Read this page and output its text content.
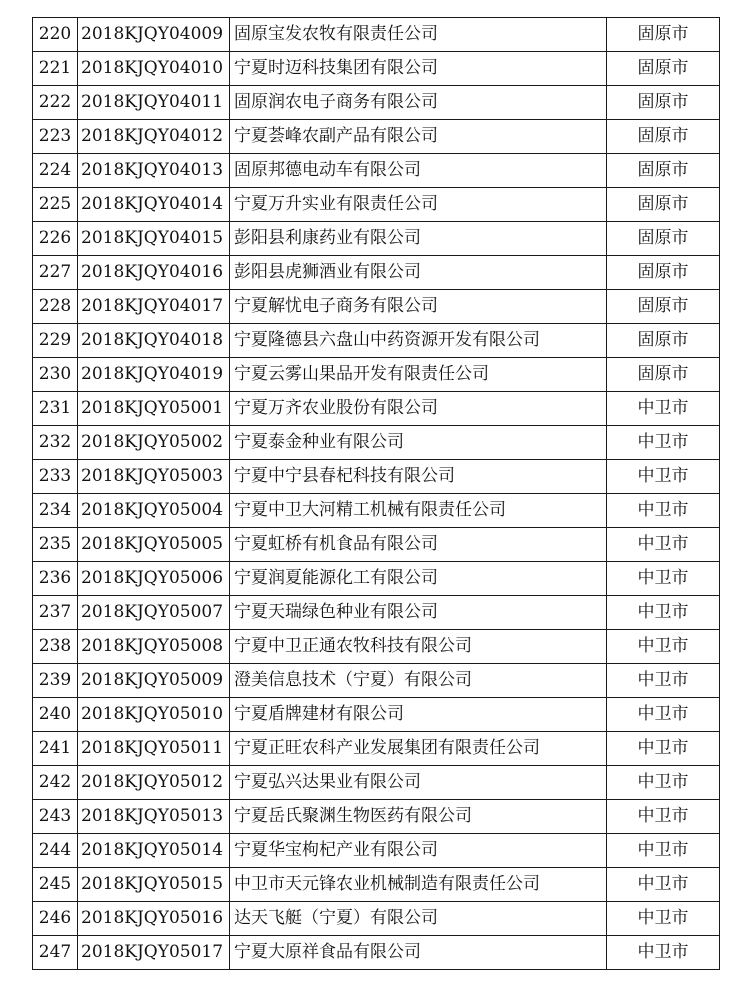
220	2018KJQY04009	固原宝发农牧有限责任公司	固原市
221	2018KJQY04010	宁夏时迈科技集团有限公司	固原市
222	2018KJQY04011	固原润农电子商务有限公司	固原市
223	2018KJQY04012	宁夏荟峰农副产品有限公司	固原市
224	2018KJQY04013	固原邦德电动车有限公司	固原市
225	2018KJQY04014	宁夏万升实业有限责任公司	固原市
226	2018KJQY04015	彭阳县利康药业有限公司	固原市
227	2018KJQY04016	彭阳县虎狮酒业有限公司	固原市
228	2018KJQY04017	宁夏解忧电子商务有限公司	固原市
229	2018KJQY04018	宁夏隆德县六盘山中药资源开发有限公司	固原市
230	2018KJQY04019	宁夏云雾山果品开发有限责任公司	固原市
231	2018KJQY05001	宁夏万齐农业股份有限公司	中卫市
232	2018KJQY05002	宁夏泰金种业有限公司	中卫市
233	2018KJQY05003	宁夏中宁县春杞科技有限公司	中卫市
234	2018KJQY05004	宁夏中卫大河精工机械有限责任公司	中卫市
235	2018KJQY05005	宁夏虹桥有机食品有限公司	中卫市
236	2018KJQY05006	宁夏润夏能源化工有限公司	中卫市
237	2018KJQY05007	宁夏天瑞绿色种业有限公司	中卫市
238	2018KJQY05008	宁夏中卫正通农牧科技有限公司	中卫市
239	2018KJQY05009	澄美信息技术（宁夏）有限公司	中卫市
240	2018KJQY05010	宁夏盾牌建材有限公司	中卫市
241	2018KJQY05011	宁夏正旺农科产业发展集团有限责任公司	中卫市
242	2018KJQY05012	宁夏弘兴达果业有限公司	中卫市
243	2018KJQY05013	宁夏岳氏聚渊生物医药有限公司	中卫市
244	2018KJQY05014	宁夏华宝枸杞产业有限公司	中卫市
245	2018KJQY05015	中卫市天元锋农业机械制造有限责任公司	中卫市
246	2018KJQY05016	达天飞艇（宁夏）有限公司	中卫市
247	2018KJQY05017	宁夏大原祥食品有限公司	中卫市
